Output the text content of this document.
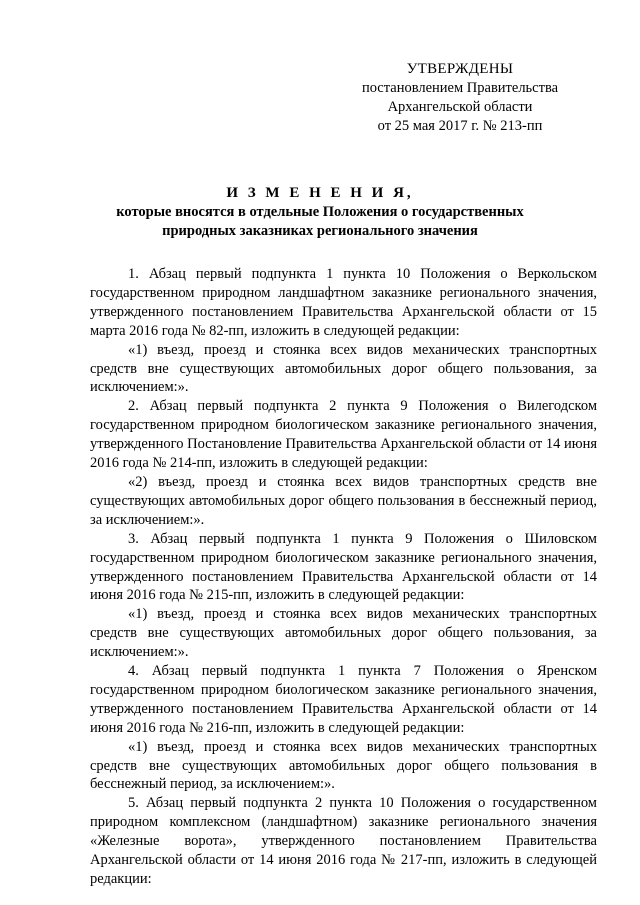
УТВЕРЖДЕНЫ
постановлением Правительства
Архангельской области
от 25 мая 2017 г. № 213-пп
И З М Е Н Е Н И Я,
которые вносятся в отдельные Положения о государственных
природных заказниках регионального значения

1. Абзац первый подпункта 1 пункта 10 Положения о Веркольском государственном природном ландшафтном заказнике регионального значения, утвержденного постановлением Правительства Архангельской области от 15 марта 2016 года № 82-пп, изложить в следующей редакции:

«1) въезд, проезд и стоянка всех видов механических транспортных средств вне существующих автомобильных дорог общего пользования, за исключением:».

2. Абзац первый подпункта 2 пункта 9 Положения о Вилегодском государственном природном биологическом заказнике регионального значения, утвержденного Постановление Правительства Архангельской области от 14 июня 2016 года № 214-пп, изложить в следующей редакции:

«2) въезд, проезд и стоянка всех видов транспортных средств вне существующих автомобильных дорог общего пользования в бесснежный период, за исключением:».

3. Абзац первый подпункта 1 пункта 9 Положения о Шиловском государственном природном биологическом заказнике регионального значения, утвержденного постановлением Правительства Архангельской области от 14 июня 2016 года № 215-пп, изложить в следующей редакции:

«1) въезд, проезд и стоянка всех видов механических транспортных средств вне существующих автомобильных дорог общего пользования, за исключением:».

4. Абзац первый подпункта 1 пункта 7 Положения о Яренском государственном природном биологическом заказнике регионального значения, утвержденного постановлением Правительства Архангельской области от 14 июня 2016 года № 216-пп, изложить в следующей редакции:

«1) въезд, проезд и стоянка всех видов механических транспортных средств вне существующих автомобильных дорог общего пользования в бесснежный период, за исключением:».

5. Абзац первый подпункта 2 пункта 10 Положения о государственном природном комплексном (ландшафтном) заказнике регионального значения «Железные ворота», утвержденного постановлением Правительства Архангельской области от 14 июня 2016 года № 217-пп, изложить в следующей редакции:
